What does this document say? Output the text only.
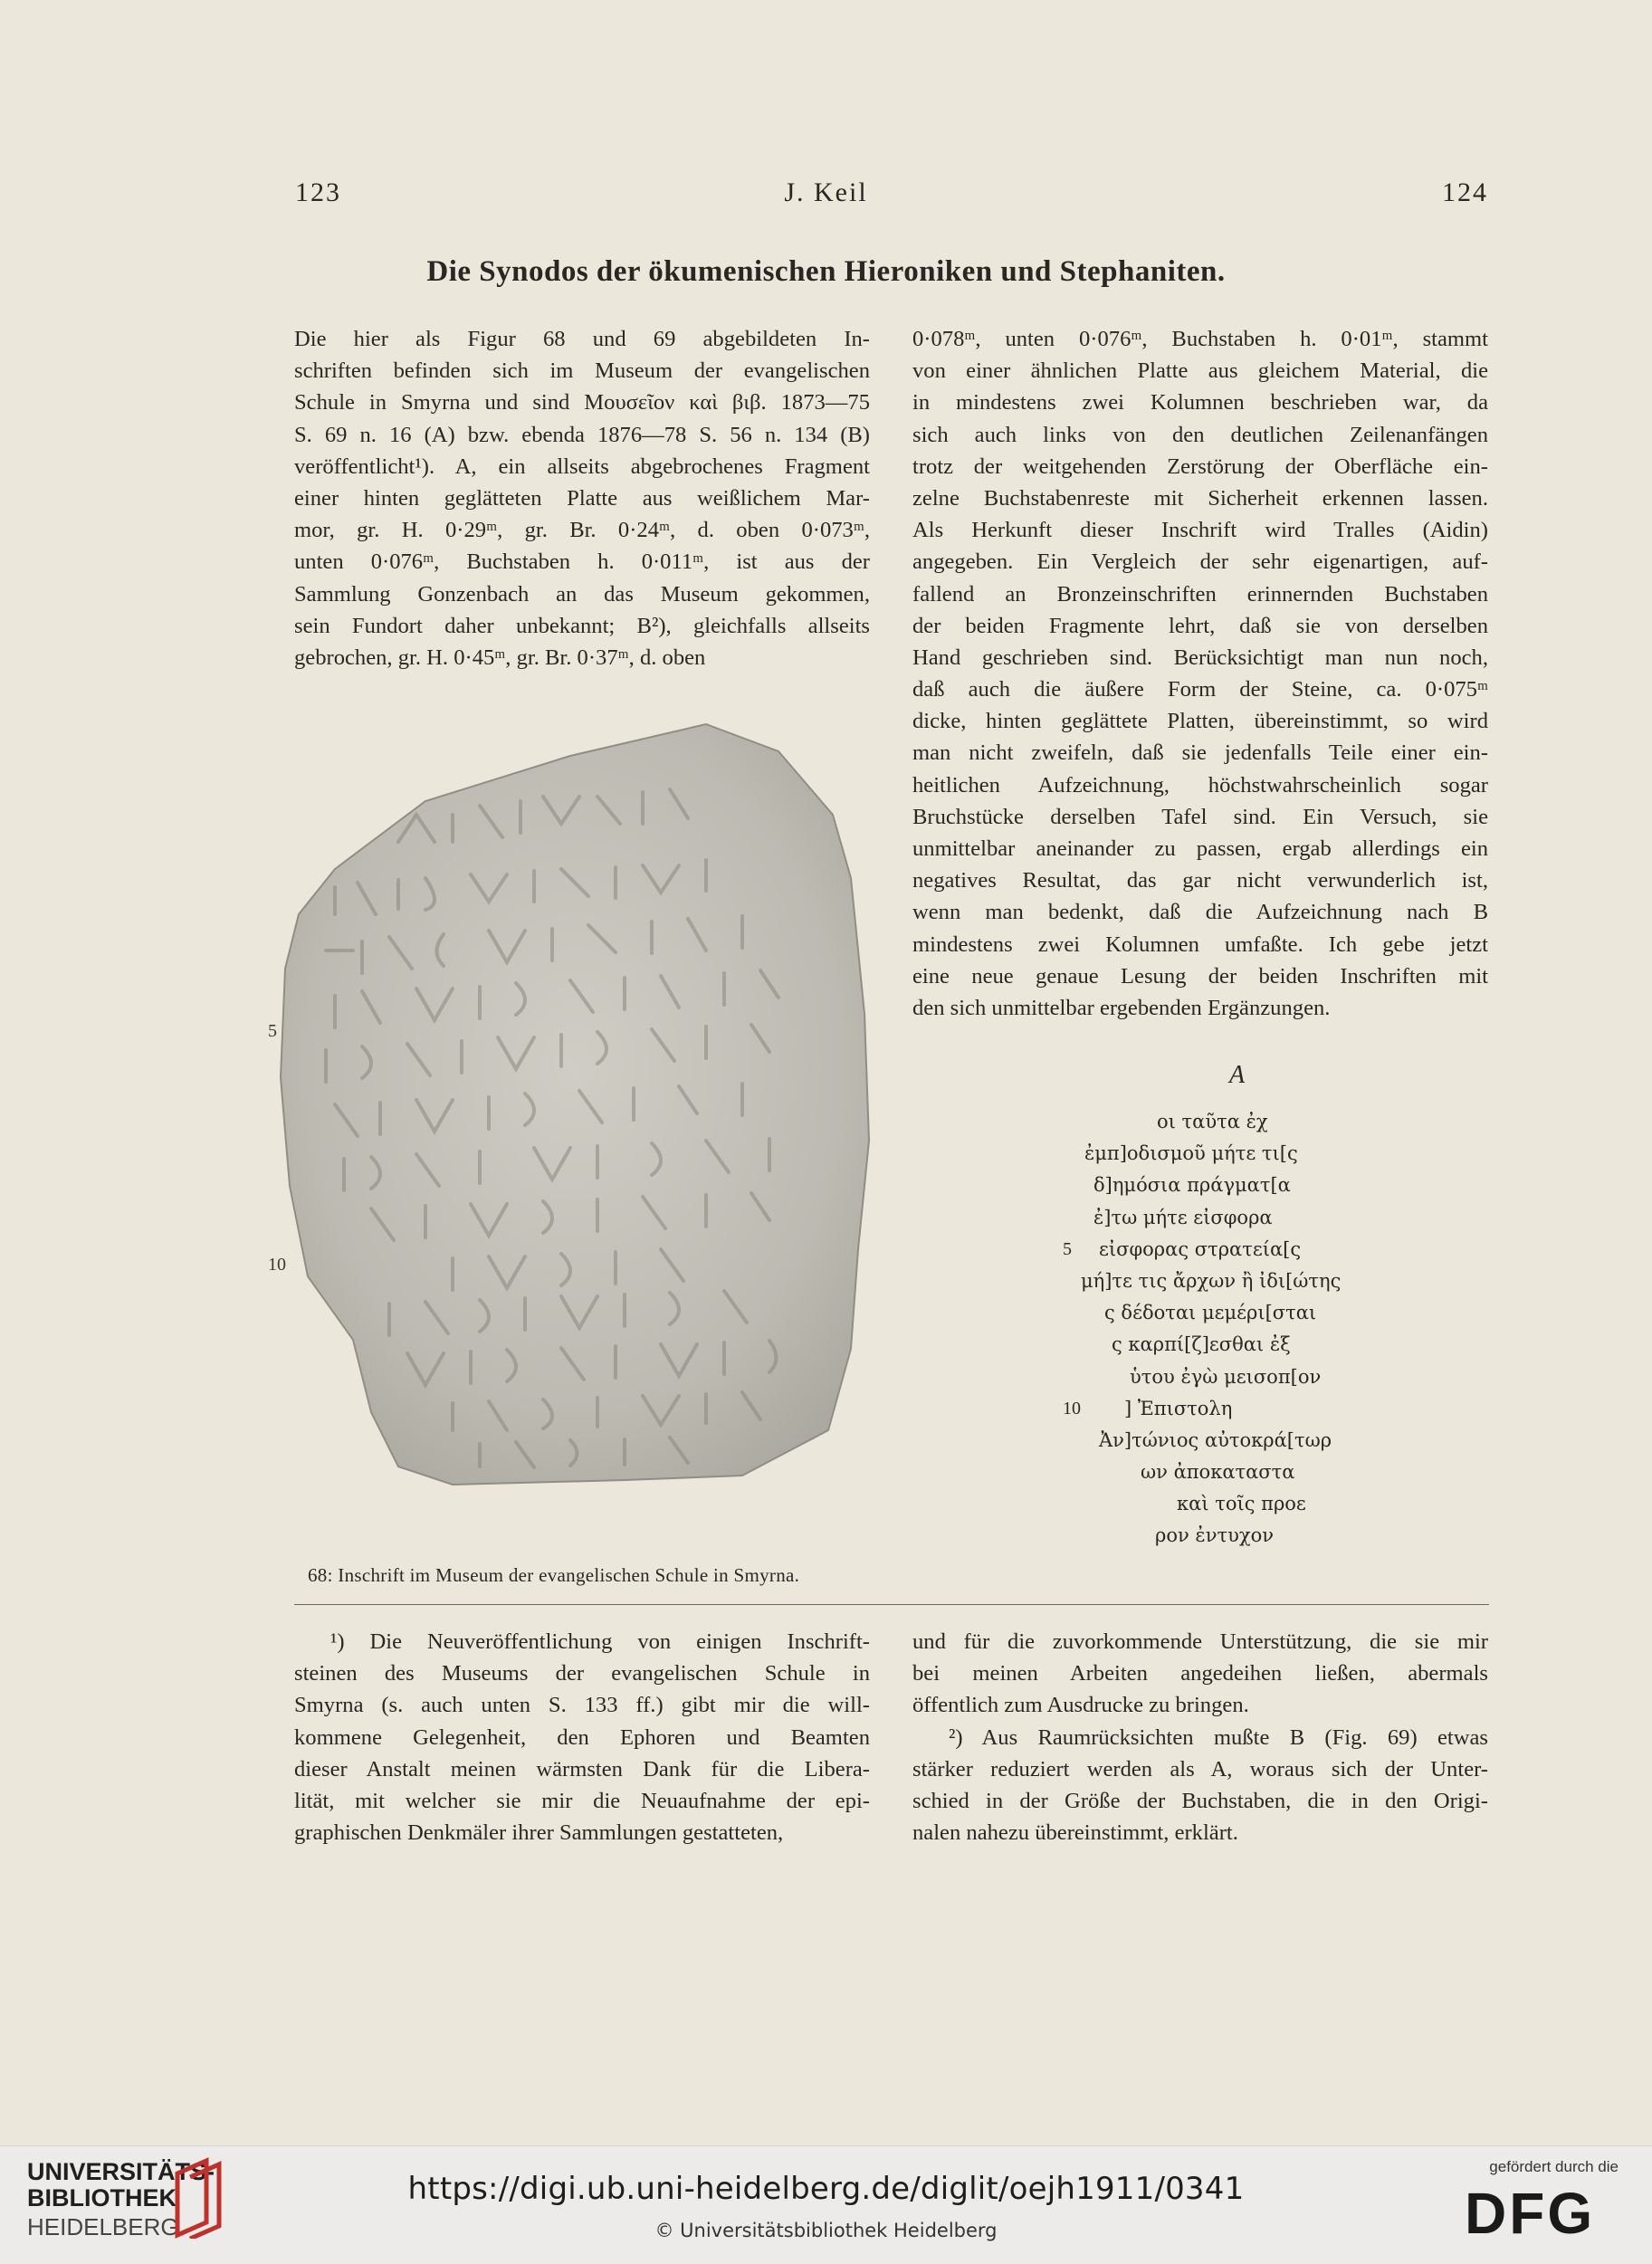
J. Keil
123	124
Die Synodos der ökumenischen Hieroniken und Stephaniten.
Die hier als Figur 68 und 69 abgebildeten In-
schriften befinden sich im Museum der evangelischen
Schule in Smyrna und sind Μουσεῖον καὶ βιβ. 1873—75
S. 69 n. 16 (A) bzw. ebenda 1876—78 S. 56 n. 134 (B)
veröffentlicht¹). A, ein allseits abgebrochenes Fragment
einer hinten geglätteten Platte aus weißlichem Mar-
mor, gr. H. 0·29ᵐ, gr. Br. 0·24ᵐ, d. oben 0·073ᵐ,
unten 0·076ᵐ, Buchstaben h. 0·011ᵐ, ist aus der
Sammlung Gonzenbach an das Museum gekommen,
sein Fundort daher unbekannt; B²), gleichfalls allseits
gebrochen, gr. H. 0·45ᵐ, gr. Br. 0·37ᵐ, d. oben
0·078ᵐ, unten 0·076ᵐ, Buchstaben h. 0·01ᵐ, stammt
von einer ähnlichen Platte aus gleichem Material, die
in mindestens zwei Kolumnen beschrieben war, da
sich auch links von den deutlichen Zeilenanfängen
trotz der weitgehenden Zerstörung der Oberfläche ein-
zelne Buchstabenreste mit Sicherheit erkennen lassen.
Als Herkunft dieser Inschrift wird Tralles (Aidin)
angegeben. Ein Vergleich der sehr eigenartigen, auf-
fallend an Bronzeinschriften erinnernden Buchstaben
der beiden Fragmente lehrt, daß sie von derselben
Hand geschrieben sind. Berücksichtigt man nun noch,
daß auch die äußere Form der Steine, ca. 0·075ᵐ
dicke, hinten geglättete Platten, übereinstimmt, so wird
man nicht zweifeln, daß sie jedenfalls Teile einer ein-
heitlichen Aufzeichnung, höchstwahrscheinlich sogar
Bruchstücke derselben Tafel sind. Ein Versuch, sie
unmittelbar aneinander zu passen, ergab allerdings ein
negatives Resultat, das gar nicht verwunderlich ist,
wenn man bedenkt, daß die Aufzeichnung nach B
mindestens zwei Kolumnen umfaßte. Ich gebe jetzt
eine neue genaue Lesung der beiden Inschriften mit
den sich unmittelbar ergebenden Ergänzungen.
5
10
68: Inschrift im Museum der evangelischen Schule in Smyrna.
A
οι ταῦτα ἐχ
ἐμπ]οδισμοῦ μήτε τι[ς
δ]ημόσια πράγματ[α
ἐ]τω μήτε εἰσφορα
5 εἰσφορας στρατεία[ς
μή]τε τις ἄρχων ἢ ἰδι[ώτης
ς δέδοται μεμέρι[σται
ς καρπί[ζ]εσθαι ἐξ
ὑτου ἐγὼ μεισοπ[ον
10 ] Ἐπιστολη
Ἀν]τώνιος αὐτοκρά[τωρ
ων ἀποκαταστα
καὶ τοῖς προε
ρον ἐντυχον
¹) Die Neuveröffentlichung von einigen Inschrift-
steinen des Museums der evangelischen Schule in
Smyrna (s. auch unten S. 133 ff.) gibt mir die will-
kommene Gelegenheit, den Ephoren und Beamten
dieser Anstalt meinen wärmsten Dank für die Libera-
lität, mit welcher sie mir die Neuaufnahme der epi-
graphischen Denkmäler ihrer Sammlungen gestatteten,
und für die zuvorkommende Unterstützung, die sie mir
bei meinen Arbeiten angedeihen ließen, abermals
öffentlich zum Ausdrucke zu bringen.
²) Aus Raumrücksichten mußte B (Fig. 69) etwas
stärker reduziert werden als A, woraus sich der Unter-
schied in der Größe der Buchstaben, die in den Origi-
nalen nahezu übereinstimmt, erklärt.
UNIVERSITÄTS-
BIBLIOTHEK
HEIDELBERG
https://digi.ub.uni-heidelberg.de/diglit/oejh1911/0341
© Universitätsbibliothek Heidelberg
gefördert durch die
DFG
